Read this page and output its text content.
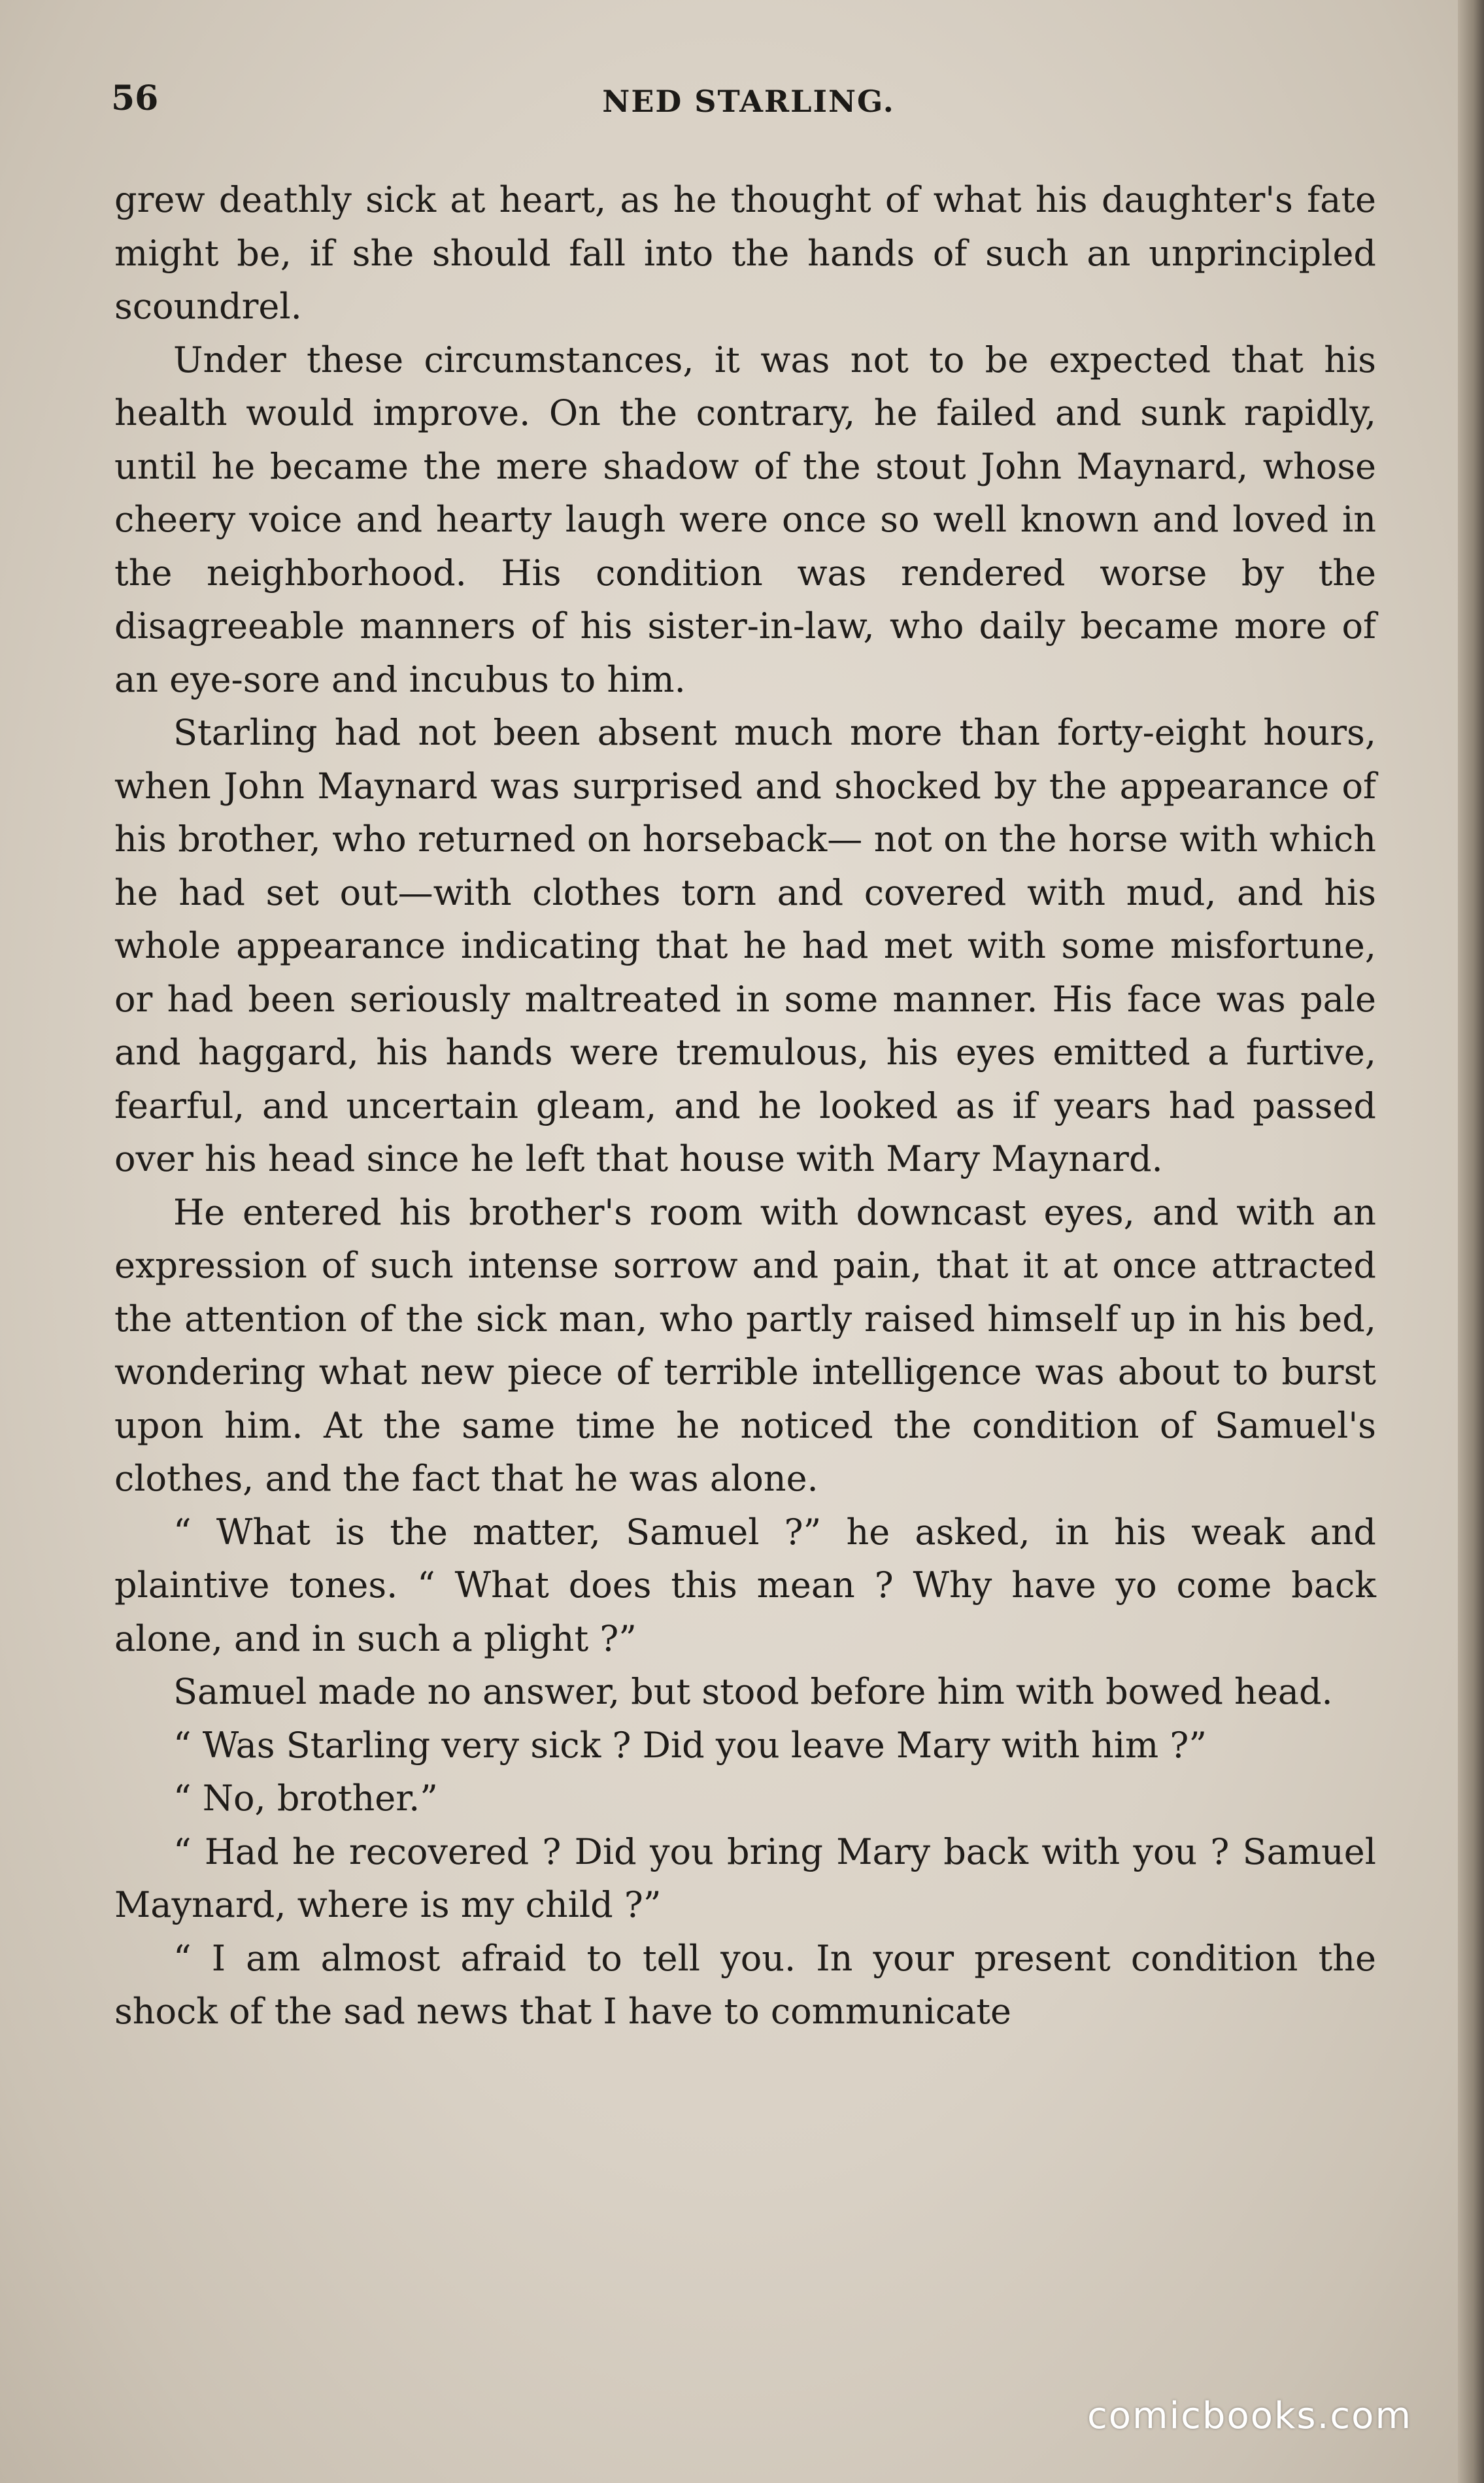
56	NED STARLING.

grew deathly sick at heart, as he thought of what his daughter's fate might be, if she should fall into the hands of such an unprincipled scoundrel.

Under these circumstances, it was not to be expected that his health would improve. On the contrary, he failed and sunk rapidly, until he became the mere shadow of the stout John Maynard, whose cheery voice and hearty laugh were once so well known and loved in the neighborhood. His condition was rendered worse by the disagreeable manners of his sister-in-law, who daily became more of an eye-sore and incubus to him.

Starling had not been absent much more than forty-eight hours, when John Maynard was surprised and shocked by the appearance of his brother, who returned on horseback— not on the horse with which he had set out—with clothes torn and covered with mud, and his whole appearance indicating that he had met with some misfortune, or had been seriously maltreated in some manner. His face was pale and haggard, his hands were tremulous, his eyes emitted a furtive, fearful, and uncertain gleam, and he looked as if years had passed over his head since he left that house with Mary Maynard.

He entered his brother's room with downcast eyes, and with an expression of such intense sorrow and pain, that it at once attracted the attention of the sick man, who partly raised himself up in his bed, wondering what new piece of terrible intelligence was about to burst upon him. At the same time he noticed the condition of Samuel's clothes, and the fact that he was alone.

“ What is the matter, Samuel ?” he asked, in his weak and plaintive tones. “ What does this mean ? Why have yo come back alone, and in such a plight ?”

Samuel made no answer, but stood before him with bowed head.

“ Was Starling very sick ? Did you leave Mary with him ?”

“ No, brother.”

“ Had he recovered ? Did you bring Mary back with you ? Samuel Maynard, where is my child ?”

“ I am almost afraid to tell you. In your present condition the shock of the sad news that I have to communicate

comicbooks.com
